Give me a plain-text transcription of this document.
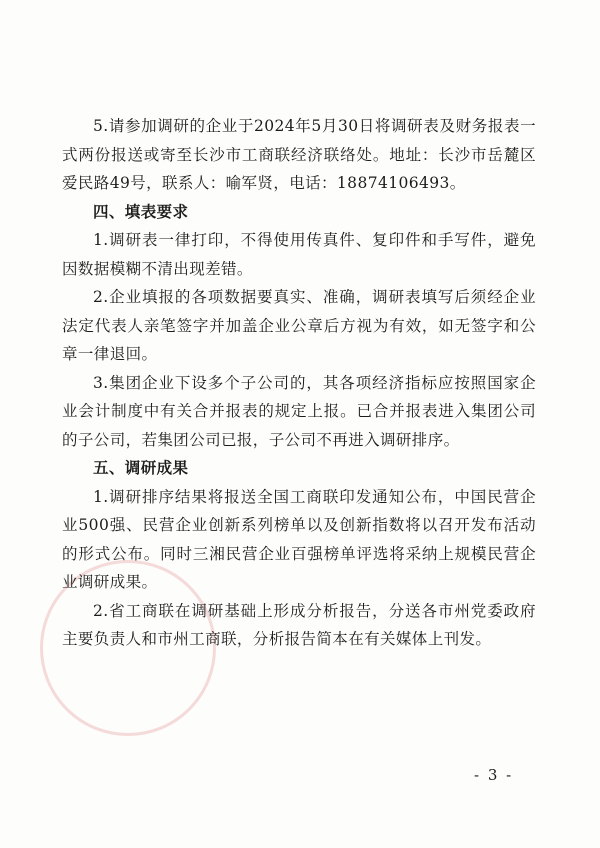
5.请参加调研的企业于2024年5月30日将调研表及财务报表一式两份报送或寄至长沙市工商联经济联络处。地址：长沙市岳麓区爱民路49号，联系人：喻军贤，电话：18874106493。

四、填表要求

1.调研表一律打印，不得使用传真件、复印件和手写件，避免因数据模糊不清出现差错。

2.企业填报的各项数据要真实、准确，调研表填写后须经企业法定代表人亲笔签字并加盖企业公章后方视为有效，如无签字和公章一律退回。

3.集团企业下设多个子公司的，其各项经济指标应按照国家企业会计制度中有关合并报表的规定上报。已合并报表进入集团公司的子公司，若集团公司已报，子公司不再进入调研排序。

五、调研成果

1.调研排序结果将报送全国工商联印发通知公布，中国民营企业500强、民营企业创新系列榜单以及创新指数将以召开发布活动的形式公布。同时三湘民营企业百强榜单评选将采纳上规模民营企业调研成果。

2.省工商联在调研基础上形成分析报告，分送各市州党委政府主要负责人和市州工商联，分析报告简本在有关媒体上刊发。

- 3 -
